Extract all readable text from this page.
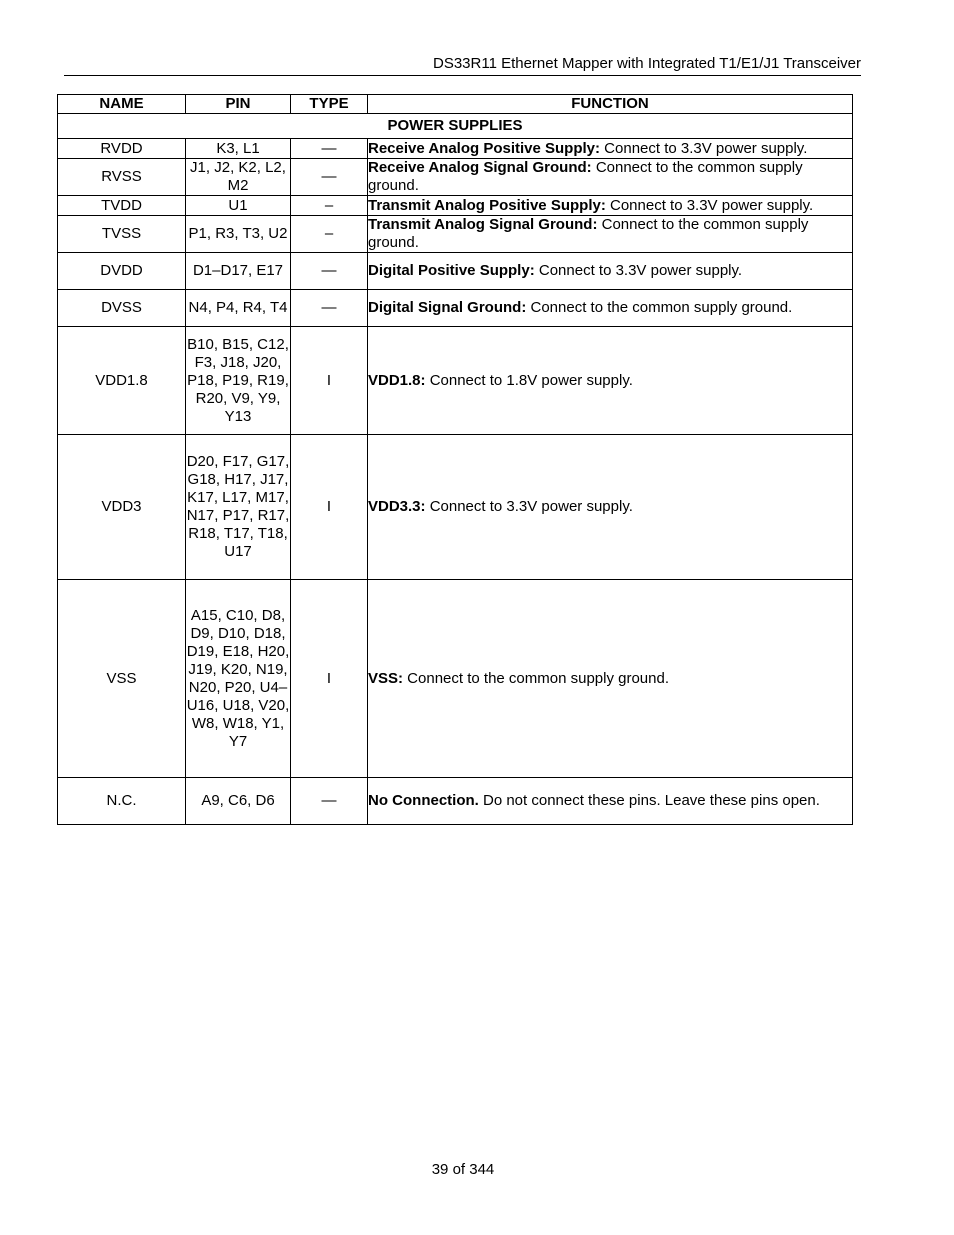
DS33R11 Ethernet Mapper with Integrated T1/E1/J1 Transceiver
NAME	PIN	TYPE	FUNCTION
POWER SUPPLIES			
RVDD	K3, L1	—	Receive Analog Positive Supply: Connect to 3.3V power supply.
RVSS	J1, J2, K2, L2, M2	—	Receive Analog Signal Ground: Connect to the common supply ground.
TVDD	U1	–	Transmit Analog Positive Supply: Connect to 3.3V power supply.
TVSS	P1, R3, T3, U2	–	Transmit Analog Signal Ground: Connect to the common supply ground.
DVDD	D1–D17, E17	—	Digital Positive Supply: Connect to 3.3V power supply.
DVSS	N4, P4, R4, T4	—	Digital Signal Ground: Connect to the common supply ground.
VDD1.8	B10, B15, C12, F3, J18, J20, P18, P19, R19, R20, V9, Y9, Y13	I	VDD1.8: Connect to 1.8V power supply.
VDD3	D20, F17, G17, G18, H17, J17, K17, L17, M17, N17, P17, R17, R18, T17, T18, U17	I	VDD3.3: Connect to 3.3V power supply.
VSS	A15, C10, D8, D9, D10, D18, D19, E18, H20, J19, K20, N19, N20, P20, U4–U16, U18, V20, W8, W18, Y1, Y7	I	VSS: Connect to the common supply ground.
N.C.	A9, C6, D6	—	No Connection. Do not connect these pins. Leave these pins open.
39 of 344
